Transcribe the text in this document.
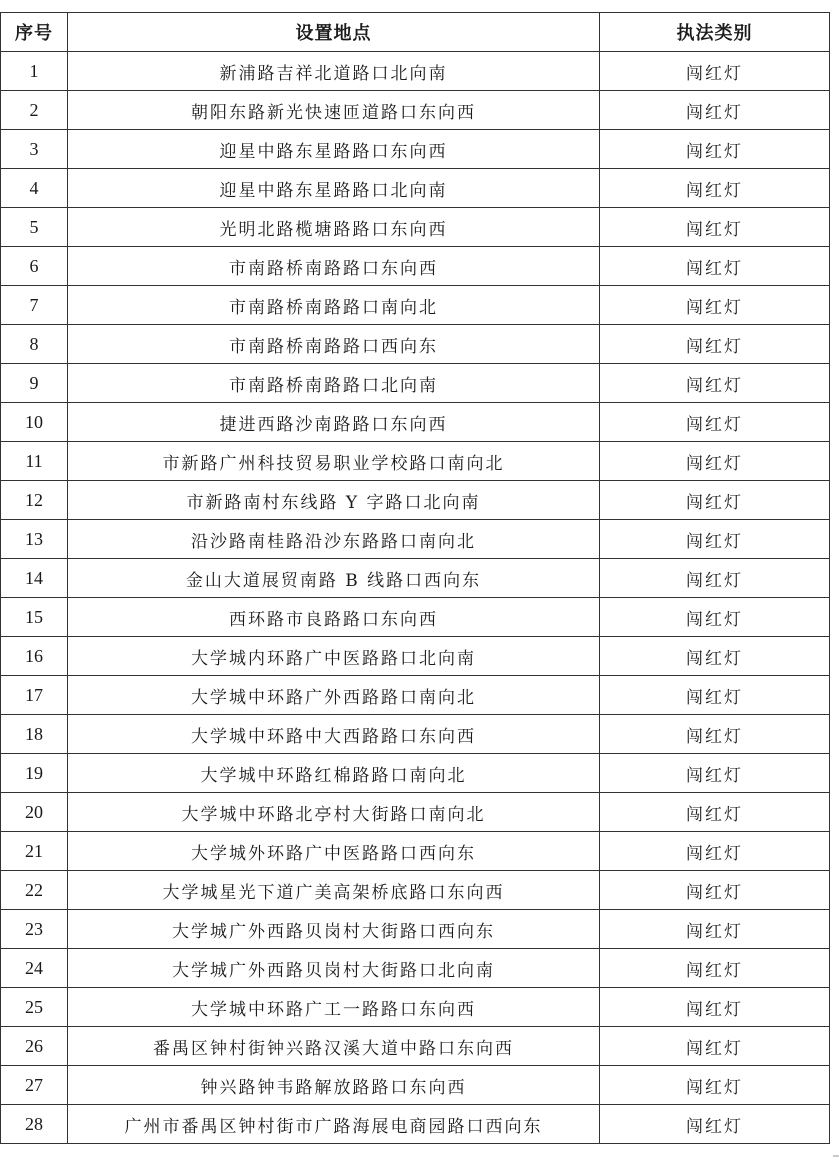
序号	设置地点	执法类别
1	新浦路吉祥北道路口北向南	闯红灯
2	朝阳东路新光快速匝道路口东向西	闯红灯
3	迎星中路东星路路口东向西	闯红灯
4	迎星中路东星路路口北向南	闯红灯
5	光明北路榄塘路路口东向西	闯红灯
6	市南路桥南路路口东向西	闯红灯
7	市南路桥南路路口南向北	闯红灯
8	市南路桥南路路口西向东	闯红灯
9	市南路桥南路路口北向南	闯红灯
10	捷进西路沙南路路口东向西	闯红灯
11	市新路广州科技贸易职业学校路口南向北	闯红灯
12	市新路南村东线路 Y 字路口北向南	闯红灯
13	沿沙路南桂路沿沙东路路口南向北	闯红灯
14	金山大道展贸南路 B 线路口西向东	闯红灯
15	西环路市良路路口东向西	闯红灯
16	大学城内环路广中医路路口北向南	闯红灯
17	大学城中环路广外西路路口南向北	闯红灯
18	大学城中环路中大西路路口东向西	闯红灯
19	大学城中环路红棉路路口南向北	闯红灯
20	大学城中环路北亭村大街路口南向北	闯红灯
21	大学城外环路广中医路路口西向东	闯红灯
22	大学城星光下道广美高架桥底路口东向西	闯红灯
23	大学城广外西路贝岗村大街路口西向东	闯红灯
24	大学城广外西路贝岗村大街路口北向南	闯红灯
25	大学城中环路广工一路路口东向西	闯红灯
26	番禺区钟村街钟兴路汉溪大道中路口东向西	闯红灯
27	钟兴路钟韦路解放路路口东向西	闯红灯
28	广州市番禺区钟村街市广路海展电商园路口西向东	闯红灯
